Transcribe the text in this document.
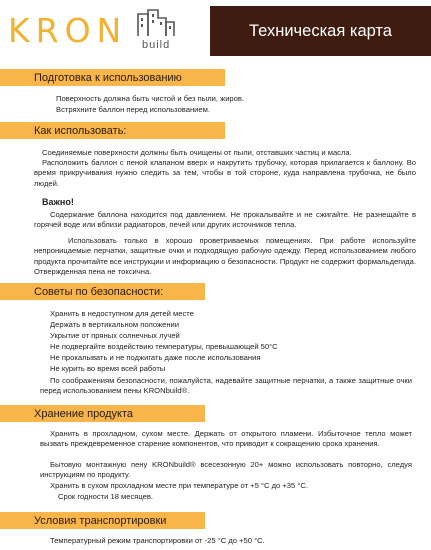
KRON build
Техническая карта
Подготовка к использованию
Поверхность должна быть чистой и без пыли, жиров.
Встряхните баллон перед использованием.
Как использовать:
Соединяемые поверхности должны быть очищены от пыли, отставших частиц и масла.
Расположить баллон с пеной клапаном вверх и накрутить трубочку, которая прилагается к баллону. Во время прикручивания нужно следить за тем, чтобы в той стороне, куда направлена трубочка, не было людей.
Важно!
Содержание баллона находится под давлением. Не прокалывайте и не сжигайте. Не разнещайте в горячей воде или вблизи радиаторов, печей или других источников тепла.
Использовать только в хорошо проветриваемых помещениях. При работе используйте непроницаемые перчатки, защитные очки и подходящую рабочую одежду. Перед использованием любого продукта прочитайте все инструкции и информацию о безопасности. Продукт не содержит формальдегида. Отвержденная пена не токсична.
Советы по безопасности:
Хранить в недоступном для детей месте
Держать в вертикальном положении
Укрытие от пряных солнечных лучей
Не подвергайте воздействию температуры, превышающей 50°C
Не прокалывать и не поджигать даже после использования
Не курить во время всей работы
По соображениям безопасности, пожалуйста, надевайте защитные перчатки, а также защитные очки перед использованием пены KRONbuild®.
Хранение продукта
Хранить в прохладном, сухом месте. Держать от открытого пламени. Избыточное тепло может вызвать преждевременное старение компонентов, что приводит к сокращению срока хранения.
Бытовую монтажную пену KRONbuild® всесезонную 20+ можно использовать повторно, следуя инструкциям по продукту.
Хранить в сухом прохладном месте при температуре от +5 °C до +35 °C.
Срок годности 18 месяцев.
Условия транспортировки
Температурный режим транспортировки от -25 °C до +50 °C.
